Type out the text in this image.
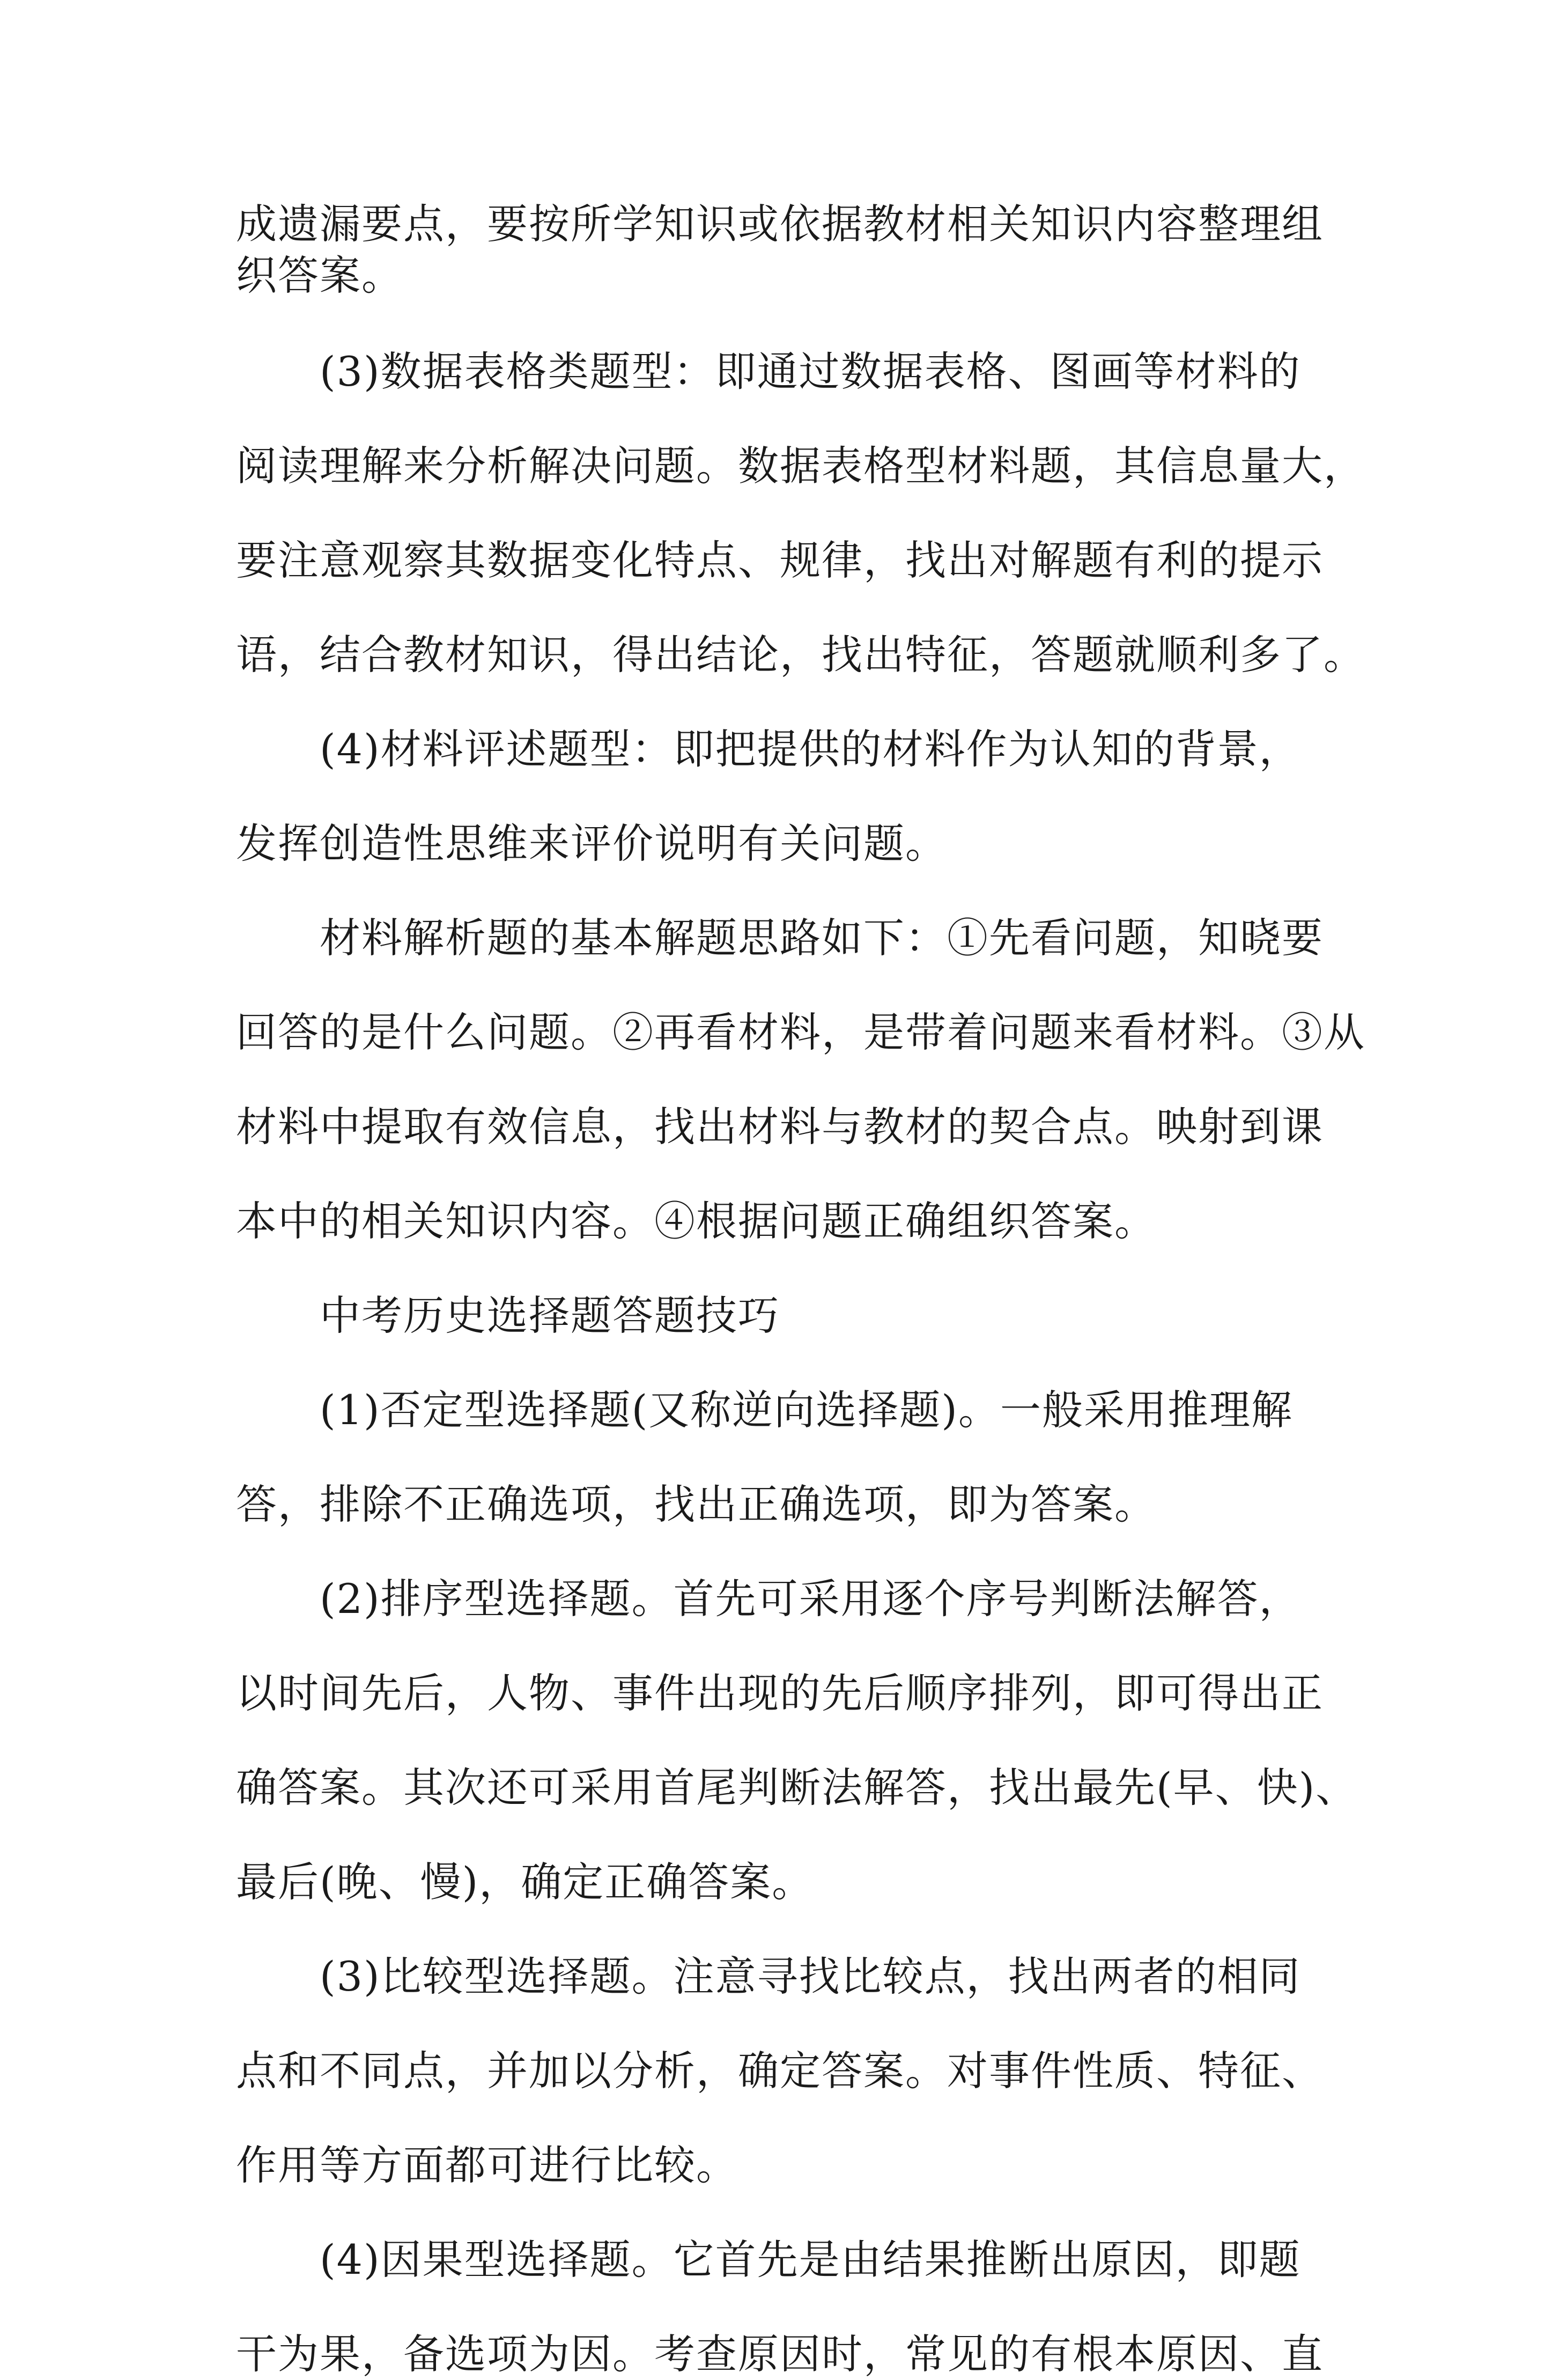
成遗漏要点，要按所学知识或依据教材相关知识内容整理组
织答案。
(3)数据表格类题型：即通过数据表格、图画等材料的
阅读理解来分析解决问题。数据表格型材料题，其信息量大，
要注意观察其数据变化特点、规律，找出对解题有利的提示
语，结合教材知识，得出结论，找出特征，答题就顺利多了。
(4)材料评述题型：即把提供的材料作为认知的背景，
发挥创造性思维来评价说明有关问题。
材料解析题的基本解题思路如下：①先看问题，知晓要
回答的是什么问题。②再看材料，是带着问题来看材料。③从
材料中提取有效信息，找出材料与教材的契合点。映射到课
本中的相关知识内容。④根据问题正确组织答案。
中考历史选择题答题技巧
(1)否定型选择题(又称逆向选择题)。一般采用推理解
答，排除不正确选项，找出正确选项，即为答案。
(2)排序型选择题。首先可采用逐个序号判断法解答，
以时间先后，人物、事件出现的先后顺序排列，即可得出正
确答案。其次还可采用首尾判断法解答，找出最先(早、快)、
最后(晚、慢)，确定正确答案。
(3)比较型选择题。注意寻找比较点，找出两者的相同
点和不同点，并加以分析，确定答案。对事件性质、特征、
作用等方面都可进行比较。
(4)因果型选择题。它首先是由结果推断出原因，即题
干为果，备选项为因。考查原因时，常见的有根本原因、直
